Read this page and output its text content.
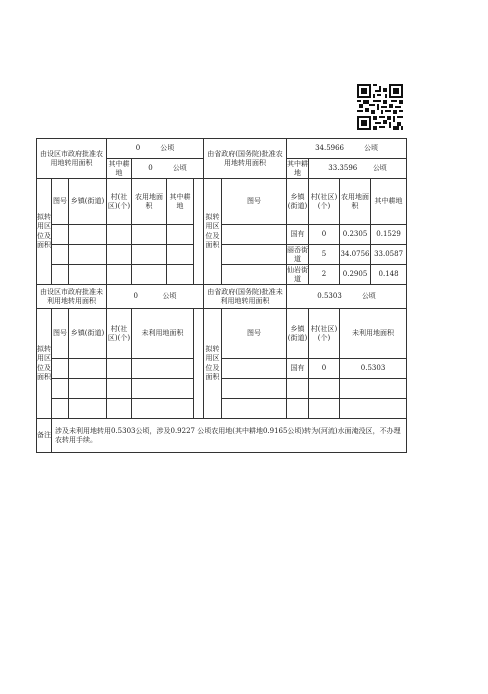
由设区市政府批准农用地转用面积			0 公顷				由省政府(国务院)批准农用地转用面积		34.5966 公顷			
			其中耕地	0 公顷					其中耕地	33.3596 公顷		
拟转用区位及面积	图号	乡镇(街道)	村(社区)(个)	农用地面积	其中耕地		拟转用区位及面积	图号	乡镇(街道)	村(社区)(个)	农用地面积	其中耕地
									国有	0	0.2305	0.1529
									丽岙街道	5	34.0756	33.0587
									仙岩街道	2	0.2905	0.148
由设区市政府批准未利用地转用面积			0 公顷				由省政府(国务院)批准未利用地转用面积		0.5303 公顷			
拟转用区位及面积	图号	乡镇(街道)	村(社区)(个)	未利用地面积			拟转用区位及面积	图号	乡镇(街道)	村(社区)(个)	未利用地面积	
									国有	0	0.5303	

备注	涉及未利用地转用0.5303公顷，涉及0.9227 公顷农用地(其中耕地0.9165公顷)转为(河流)水面淹没区，不办理农转用手续。											
